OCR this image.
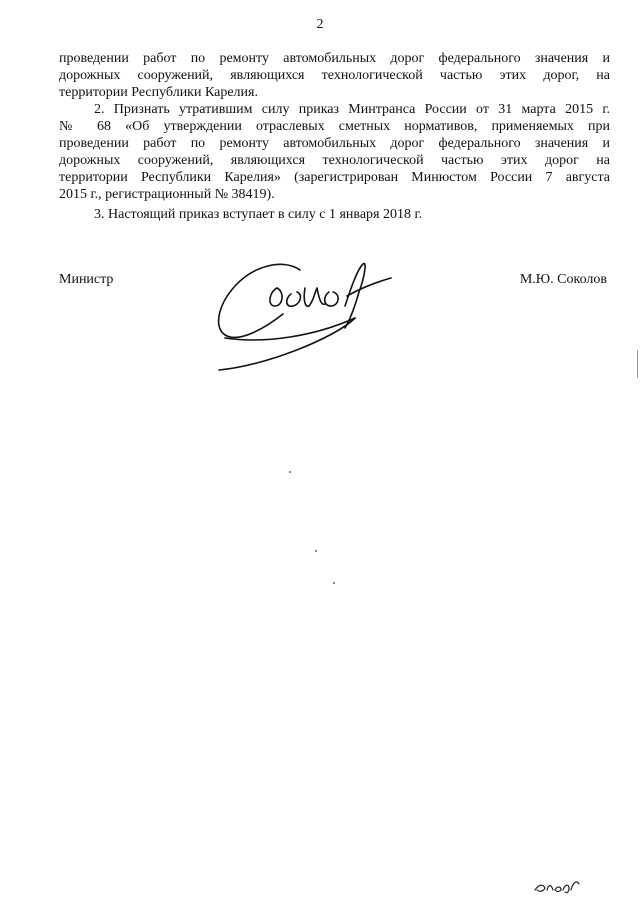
2
проведении работ по ремонту автомобильных дорог федерального значения и
дорожных сооружений, являющихся технологической частью этих дорог, на
территории Республики Карелия.
2. Признать утратившим силу приказ Минтранса России от 31 марта 2015 г.
№ 68 «Об утверждении отраслевых сметных нормативов, применяемых при
проведении работ по ремонту автомобильных дорог федерального значения и
дорожных сооружений, являющихся технологической частью этих дорог на
территории Республики Карелия» (зарегистрирован Минюстом России 7 августа
2015 г., регистрационный № 38419).
3. Настоящий приказ вступает в силу с 1 января 2018 г.
Министр	М.Ю. Соколов
